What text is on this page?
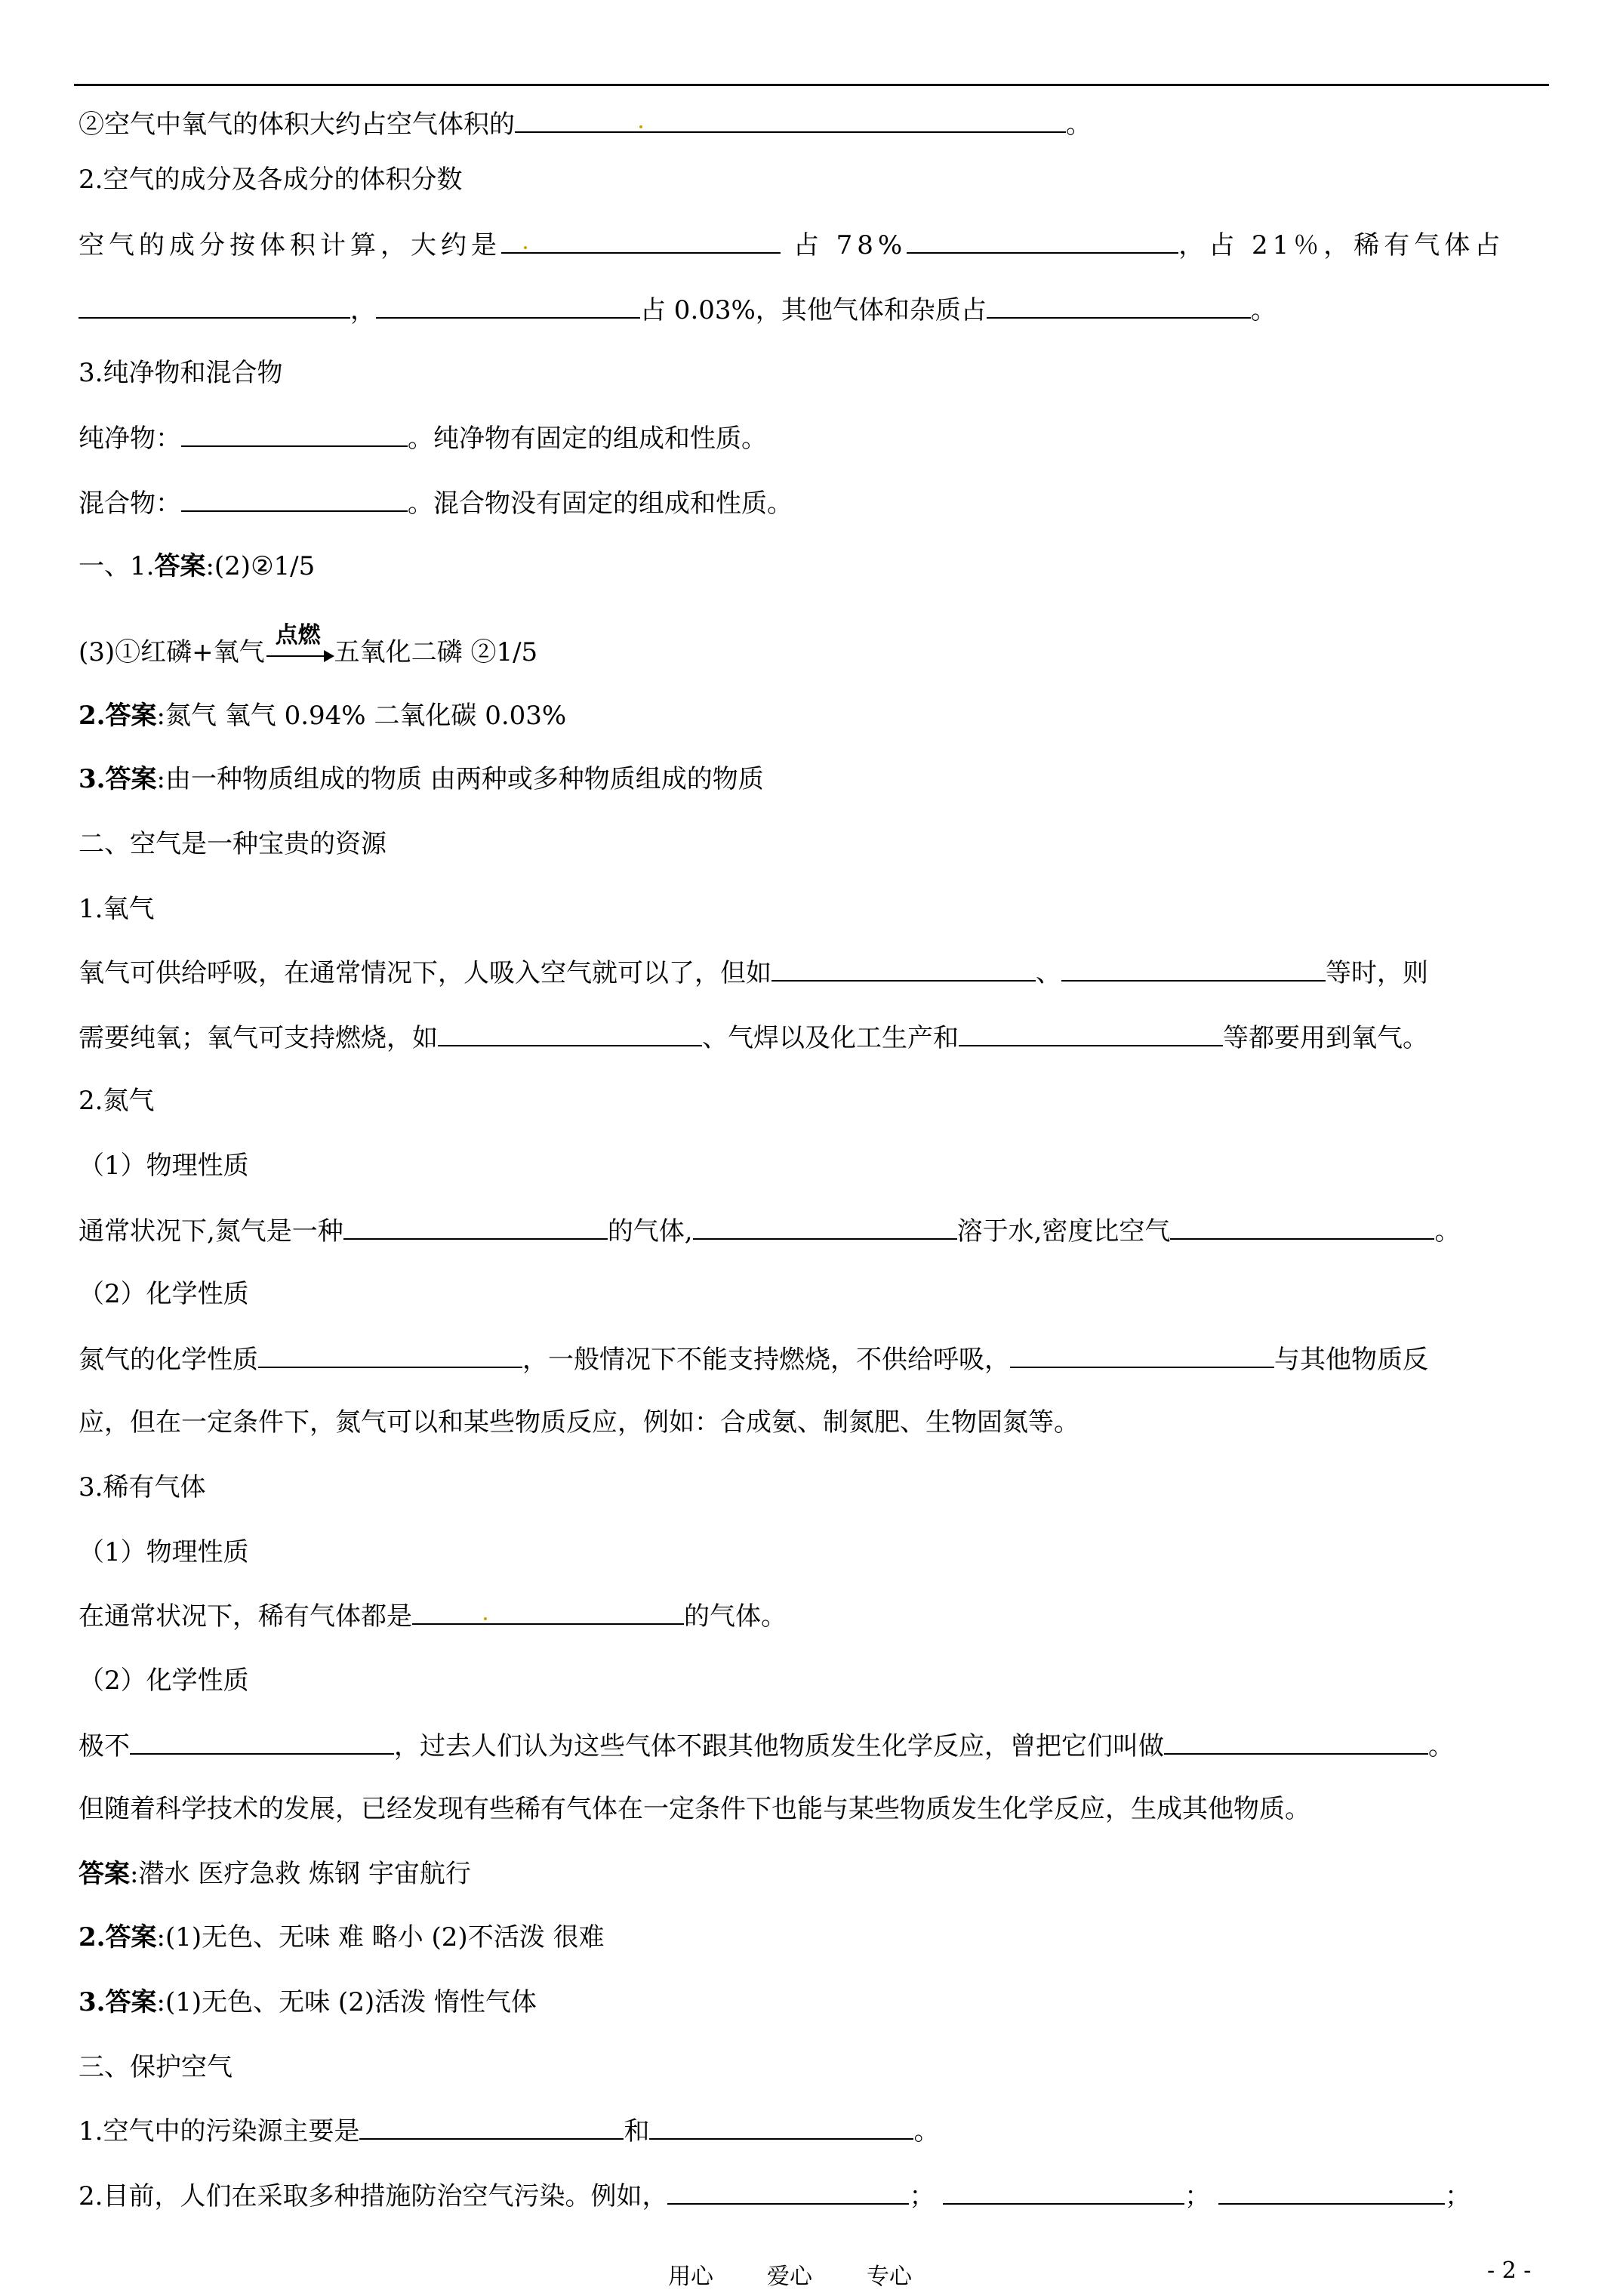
②空气中氧气的体积大约占空气体积的	。
2.空气的成分及各成分的体积分数
空气的成分按体积计算，大约是	占 78%	，占 21％，稀有气体占
，	占 0.03%，其他气体和杂质占	。
3.纯净物和混合物
纯净物：	。纯净物有固定的组成和性质。
混合物：	。混合物没有固定的组成和性质。
一、1.答案:(2)②1/5
(3)①红磷+氧气
点燃
五氧化二磷 ②1/5
2.答案:氮气 氧气 0.94% 二氧化碳 0.03%
3.答案:由一种物质组成的物质 由两种或多种物质组成的物质
二、空气是一种宝贵的资源
1.氧气
氧气可供给呼吸，在通常情况下，人吸入空气就可以了，但如	、	等时，则
需要纯氧；氧气可支持燃烧，如	、气焊以及化工生产和	等都要用到氧气。
2.氮气
（1）物理性质
通常状况下,氮气是一种	的气体,	溶于水,密度比空气	。
（2）化学性质
氮气的化学性质	，一般情况下不能支持燃烧，不供给呼吸，	与其他物质反
应，但在一定条件下，氮气可以和某些物质反应，例如：合成氨、制氮肥、生物固氮等。
3.稀有气体
（1）物理性质
在通常状况下，稀有气体都是	的气体。
（2）化学性质
极不	，过去人们认为这些气体不跟其他物质发生化学反应，曾把它们叫做	。
但随着科学技术的发展，已经发现有些稀有气体在一定条件下也能与某些物质发生化学反应，生成其他物质。
答案:潜水 医疗急救 炼钢 宇宙航行
2.答案:(1)无色、无味 难 略小 (2)不活泼 很难
3.答案:(1)无色、无味 (2)活泼 惰性气体
三、保护空气
1.空气中的污染源主要是	和	。
2.目前，人们在采取多种措施防治空气污染。例如，	；	；	；
用心 爱心 专心	- 2 -
